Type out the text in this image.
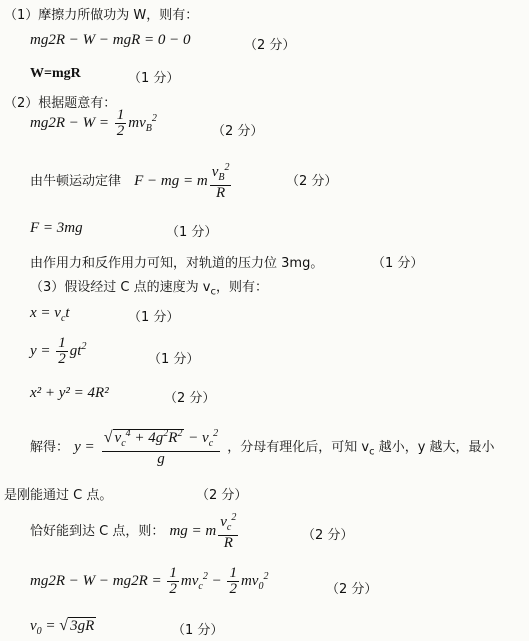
（1）摩擦力所做功为 W，则有：
mg2R − W − mgR = 0 − 0	（2 分）
W=mgR	（1 分）
（2）根据题意有：
$mg2R - W = \frac{1}{2} mv_B^2$
（2 分）
由牛顿运动定律 F − mg = m $\frac{v_B^2}{R}$	（2 分）
F = 3mg	（1 分）
由作用力和反作用力可知，对轨道的压力位 3mg。	（1 分）
（3）假设经过 C 点的速度为 $v_c$，则有：
$x = v_ct$	（1 分）
$y = \frac{1}{2} gt^2$
（1 分）
x² + y² = 4R²	（2 分）
解得： $y = \frac{√ v_c^4 + 4g^2R^2 - v_c^2}{g}$ ，分母有理化后，可知 $v_c$ 越小，y 越大，最小
是刚能通过 C 点。	（2 分）
恰好能到达 C 点，则： mg = m $\frac{v_c^2}{R}$	（2 分）
$mg2R - W - mg2R = \frac{1}{2} mv_c^2 - \frac{1}{2} mv_0^2$
（2 分）
$v_0$ = √ 3gR	（1 分）
